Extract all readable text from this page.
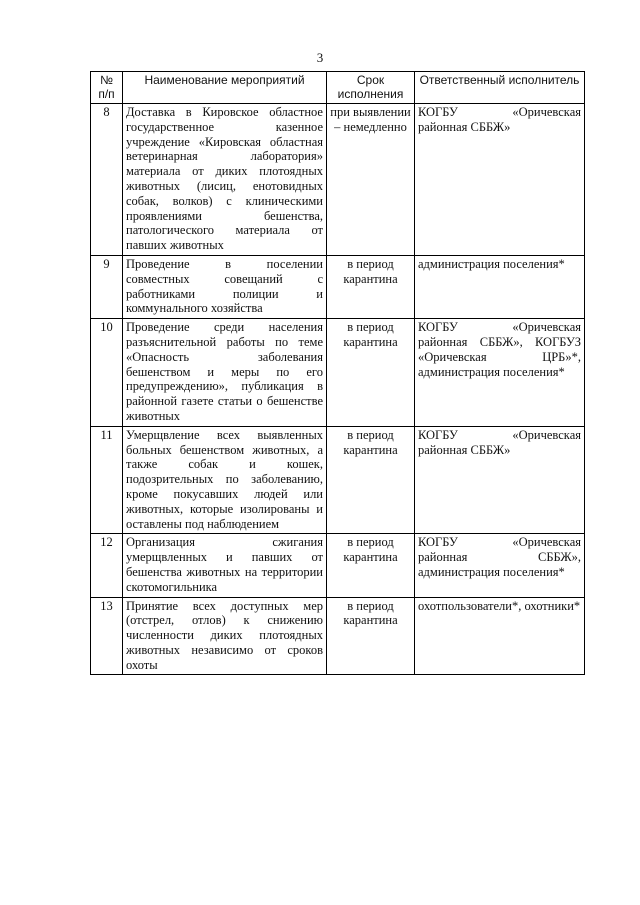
3
№ п/п	Наименование мероприятий	Срок исполнения	Ответственный исполнитель
8	Доставка в Кировское областное государственное казенное учреждение «Кировская областная ветеринарная лаборатория» материала от диких плотоядных животных (лисиц, енотовидных собак, волков) с клиническими проявлениями бешенства, патологического материала от павших животных	при выявлении – немедленно	КОГБУ «Оричевская районная СББЖ»
9	Проведение в поселении совместных совещаний с работниками полиции и коммунального хозяйства	в период карантина	администрация поселения*
10	Проведение среди населения разъяснительной работы по теме «Опасность заболевания бешенством и меры по его предупреждению», публикация в районной газете статьи о бешенстве животных	в период карантина	КОГБУ «Оричевская районная СББЖ», КОГБУЗ «Оричевская ЦРБ»*, администрация поселения*
11	Умерщвление всех выявленных больных бешенством животных, а также собак и кошек, подозрительных по заболеванию, кроме покусавших людей или животных, которые изолированы и оставлены под наблюдением	в период карантина	КОГБУ «Оричевская районная СББЖ»
12	Организация сжигания умерщвленных и павших от бешенства животных на территории скотомогильника	в период карантина	КОГБУ «Оричевская районная СББЖ», администрация поселения*
13	Принятие всех доступных мер (отстрел, отлов) к снижению численности диких плотоядных животных независимо от сроков охоты	в период карантина	охотпользователи*, охотники*
